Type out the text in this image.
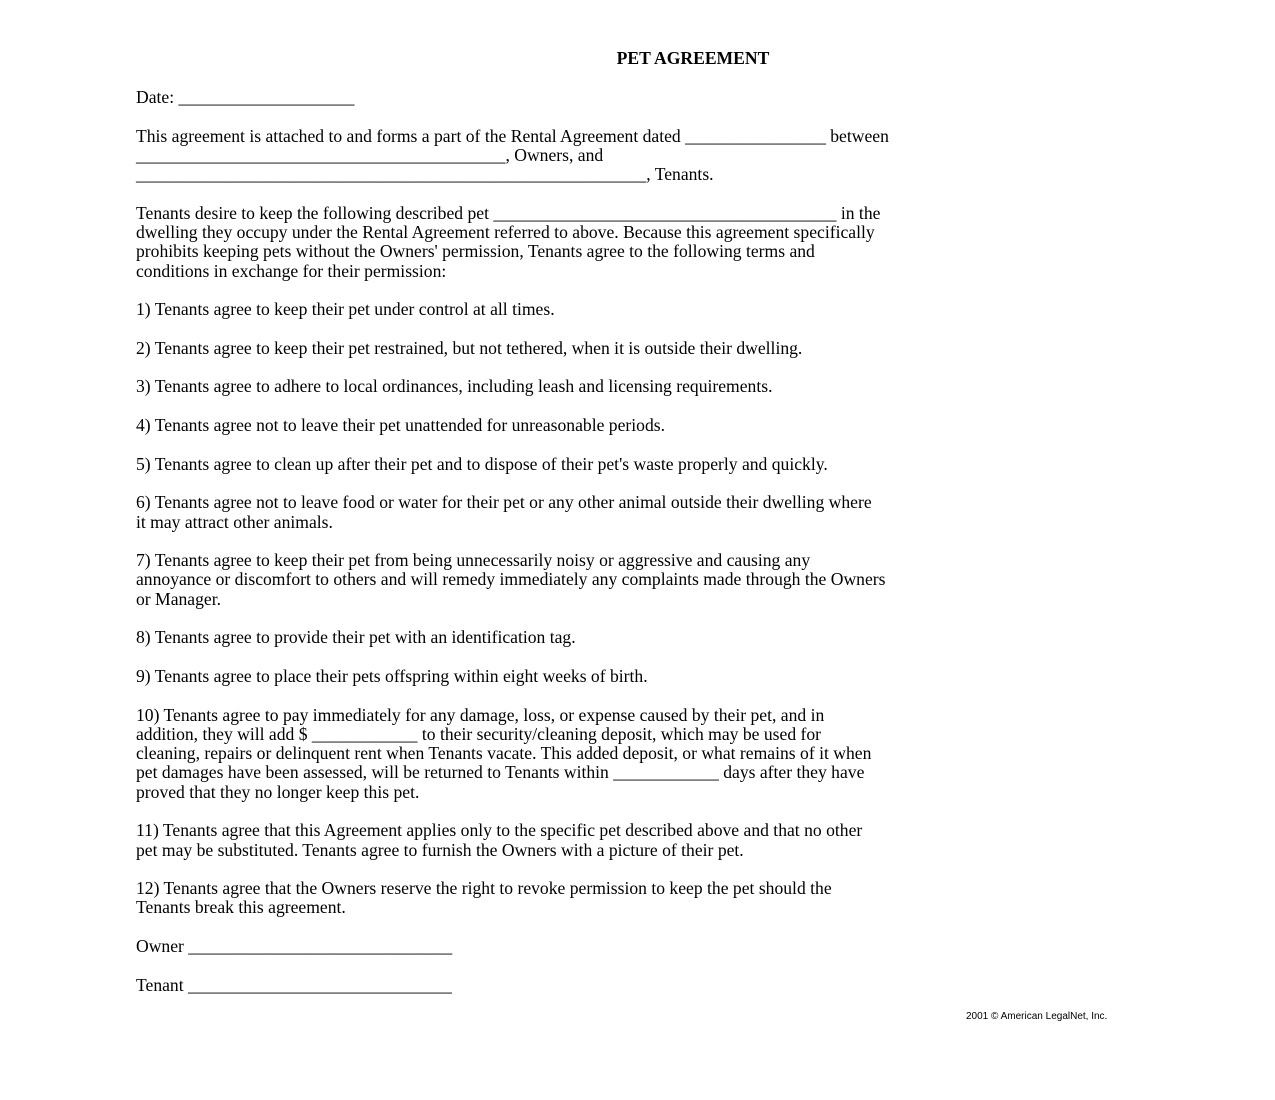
PET AGREEMENT
Date: ____________________
This agreement is attached to and forms a part of the Rental Agreement dated ________________ between
__________________________________________, Owners, and
__________________________________________________________, Tenants.
Tenants desire to keep the following described pet _______________________________________ in the
dwelling they occupy under the Rental Agreement referred to above. Because this agreement specifically
prohibits keeping pets without the Owners' permission, Tenants agree to the following terms and
conditions in exchange for their permission:
1) Tenants agree to keep their pet under control at all times.
2) Tenants agree to keep their pet restrained, but not tethered, when it is outside their dwelling.
3) Tenants agree to adhere to local ordinances, including leash and licensing requirements.
4) Tenants agree not to leave their pet unattended for unreasonable periods.
5) Tenants agree to clean up after their pet and to dispose of their pet's waste properly and quickly.
6) Tenants agree not to leave food or water for their pet or any other animal outside their dwelling where
it may attract other animals.
7) Tenants agree to keep their pet from being unnecessarily noisy or aggressive and causing any
annoyance or discomfort to others and will remedy immediately any complaints made through the Owners
or Manager.
8) Tenants agree to provide their pet with an identification tag.
9) Tenants agree to place their pets offspring within eight weeks of birth.
10) Tenants agree to pay immediately for any damage, loss, or expense caused by their pet, and in
addition, they will add $ ____________ to their security/cleaning deposit, which may be used for
cleaning, repairs or delinquent rent when Tenants vacate. This added deposit, or what remains of it when
pet damages have been assessed, will be returned to Tenants within ____________ days after they have
proved that they no longer keep this pet.
11) Tenants agree that this Agreement applies only to the specific pet described above and that no other
pet may be substituted. Tenants agree to furnish the Owners with a picture of their pet.
12) Tenants agree that the Owners reserve the right to revoke permission to keep the pet should the
Tenants break this agreement.
Owner ______________________________
Tenant ______________________________
2001 © American LegalNet, Inc.
